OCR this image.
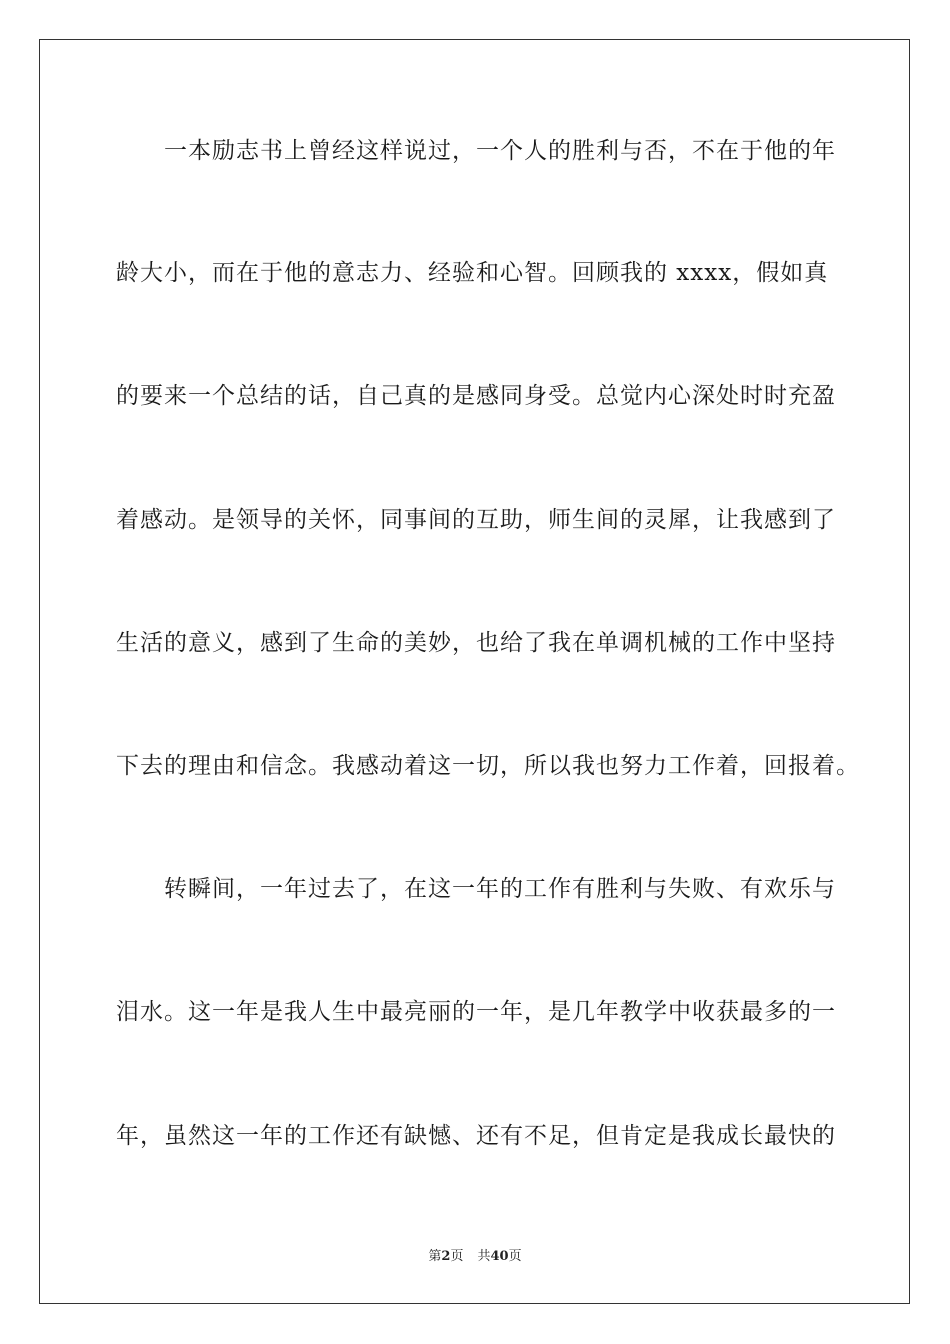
　　一本励志书上曾经这样说过，一个人的胜利与否，不在于他的年
龄大小，而在于他的意志力、经验和心智。回顾我的 xxxx，假如真
的要来一个总结的话，自己真的是感同身受。总觉内心深处时时充盈
着感动。是领导的关怀，同事间的互助，师生间的灵犀，让我感到了
生活的意义，感到了生命的美妙，也给了我在单调机械的工作中坚持
下去的理由和信念。我感动着这一切，所以我也努力工作着，回报着。
　　转瞬间，一年过去了，在这一年的工作有胜利与失败、有欢乐与
泪水。这一年是我人生中最亮丽的一年，是几年教学中收获最多的一
年，虽然这一年的工作还有缺憾、还有不足，但肯定是我成长最快的
第2页 共40页
